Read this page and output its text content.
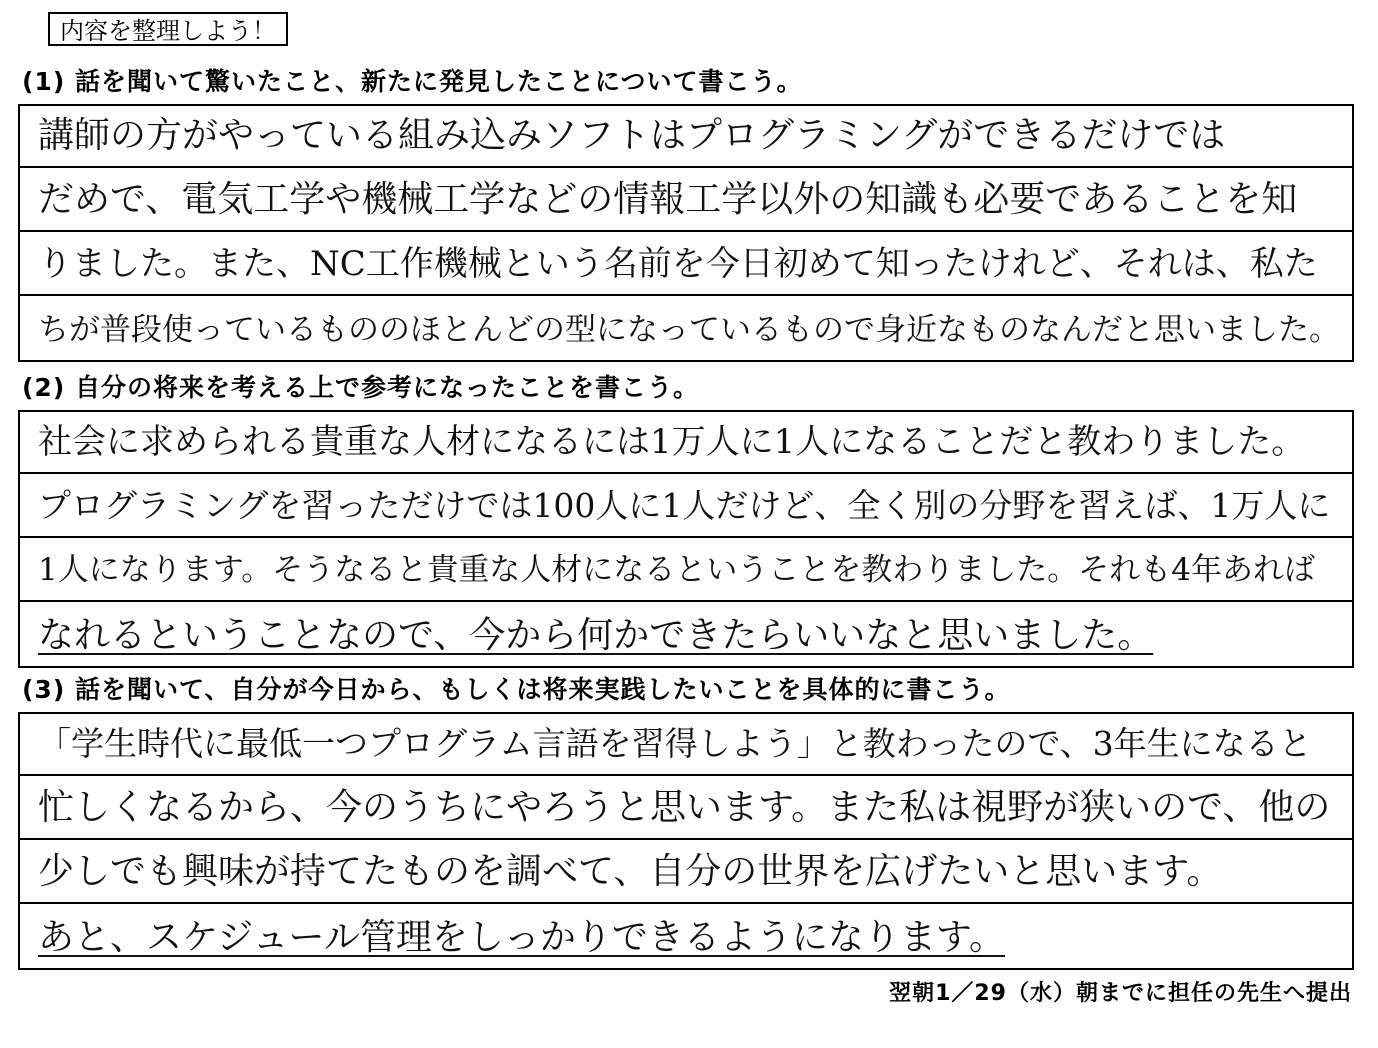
内容を整理しよう！
(1) 話を聞いて驚いたこと、新たに発見したことについて書こう。
講師の方がやっている組み込みソフトはプログラミングができるだけでは
だめで、電気工学や機械工学などの情報工学以外の知識も必要であることを知
りました。また、NC工作機械という名前を今日初めて知ったけれど、それは、私た
ちが普段使っているもののほとんどの型になっているもので身近なものなんだと思いました。
(2) 自分の将来を考える上で参考になったことを書こう。
社会に求められる貴重な人材になるには1万人に1人になることだと教わりました。
プログラミングを習っただけでは100人に1人だけど、全く別の分野を習えば、1万人に
1人になります。そうなると貴重な人材になるということを教わりました。それも4年あれば
なれるということなので、今から何かできたらいいなと思いました。
(3) 話を聞いて、自分が今日から、もしくは将来実践したいことを具体的に書こう。
「学生時代に最低一つプログラム言語を習得しよう」と教わったので、3年生になると
忙しくなるから、今のうちにやろうと思います。また私は視野が狭いので、他の
少しでも興味が持てたものを調べて、自分の世界を広げたいと思います。
あと、スケジュール管理をしっかりできるようになります。
翌朝1／29（水）朝までに担任の先生へ提出
